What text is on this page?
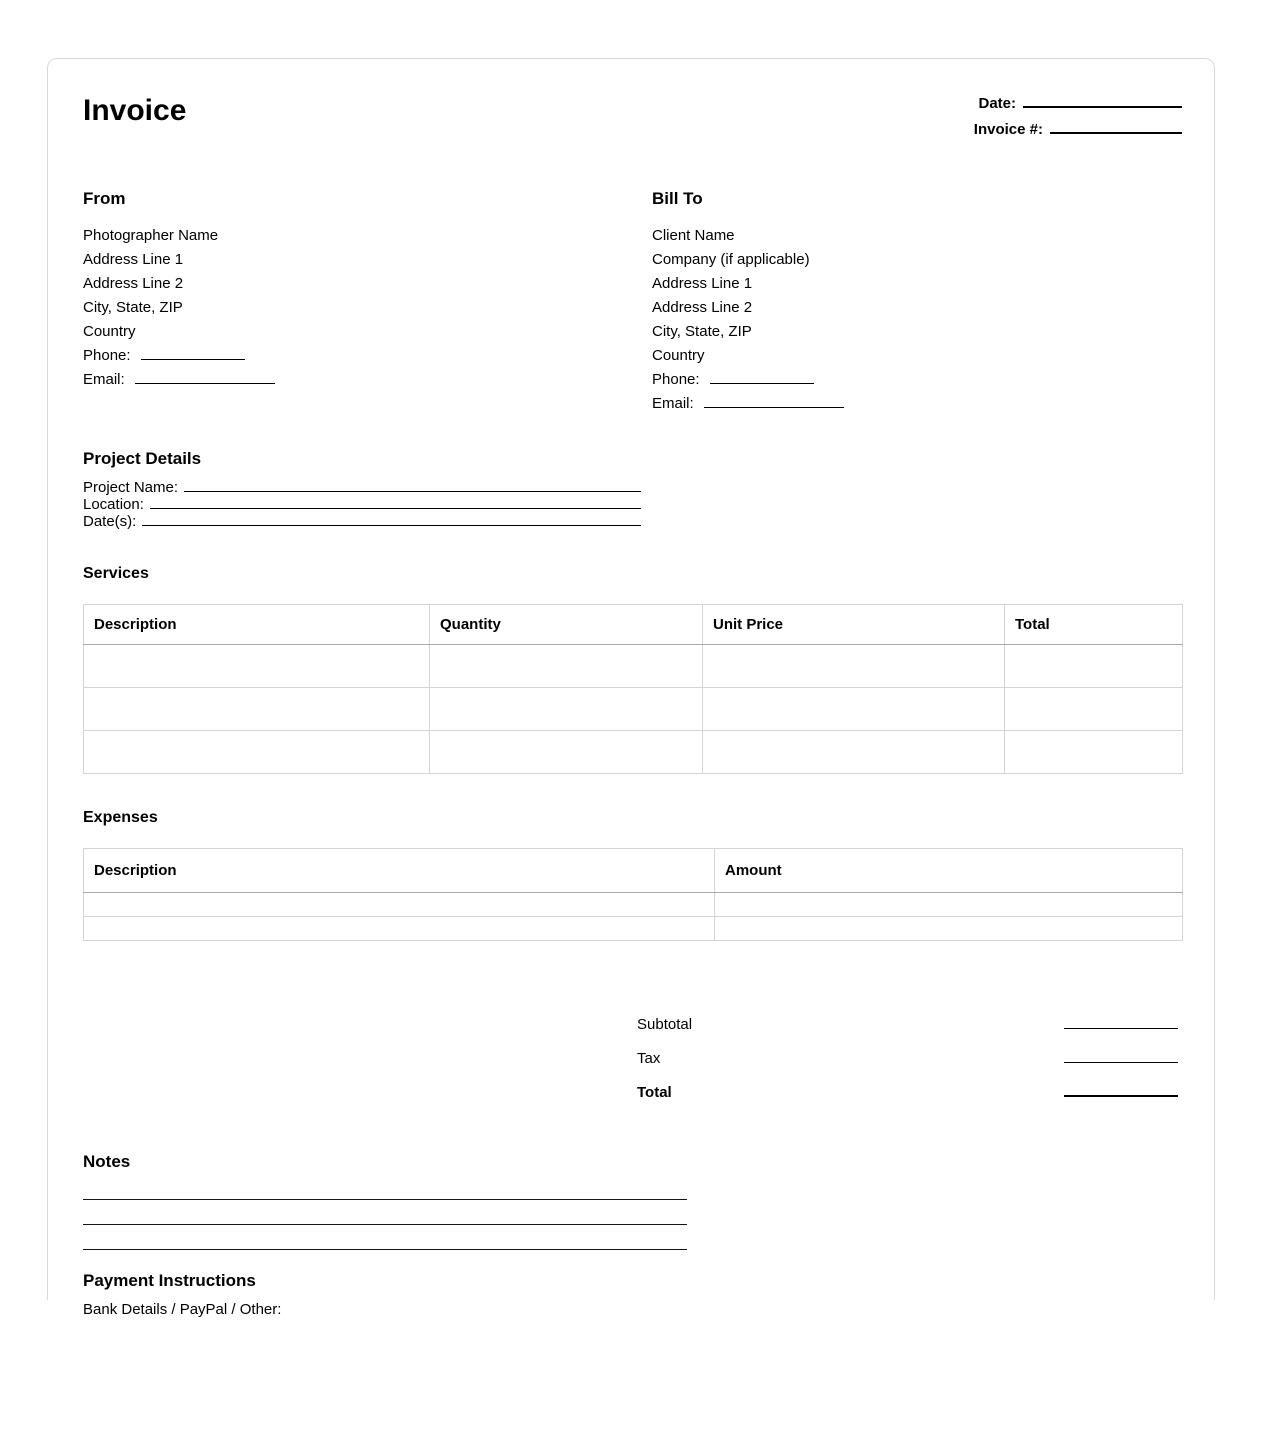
Invoice	Date:
Invoice #:
From
Photographer Name
Address Line 1
Address Line 2
City, State, ZIP
Country
Phone:
Email:
Bill To
Client Name
Company (if applicable)
Address Line 1
Address Line 2
City, State, ZIP
Country
Phone:
Email:
Project Details
Project Name:
Location:
Date(s):
Services
Description	Quantity	Unit Price	Total

Expenses
Description	Amount

Subtotal
Tax
Total
Notes
Payment Instructions
Bank Details / PayPal / Other:
